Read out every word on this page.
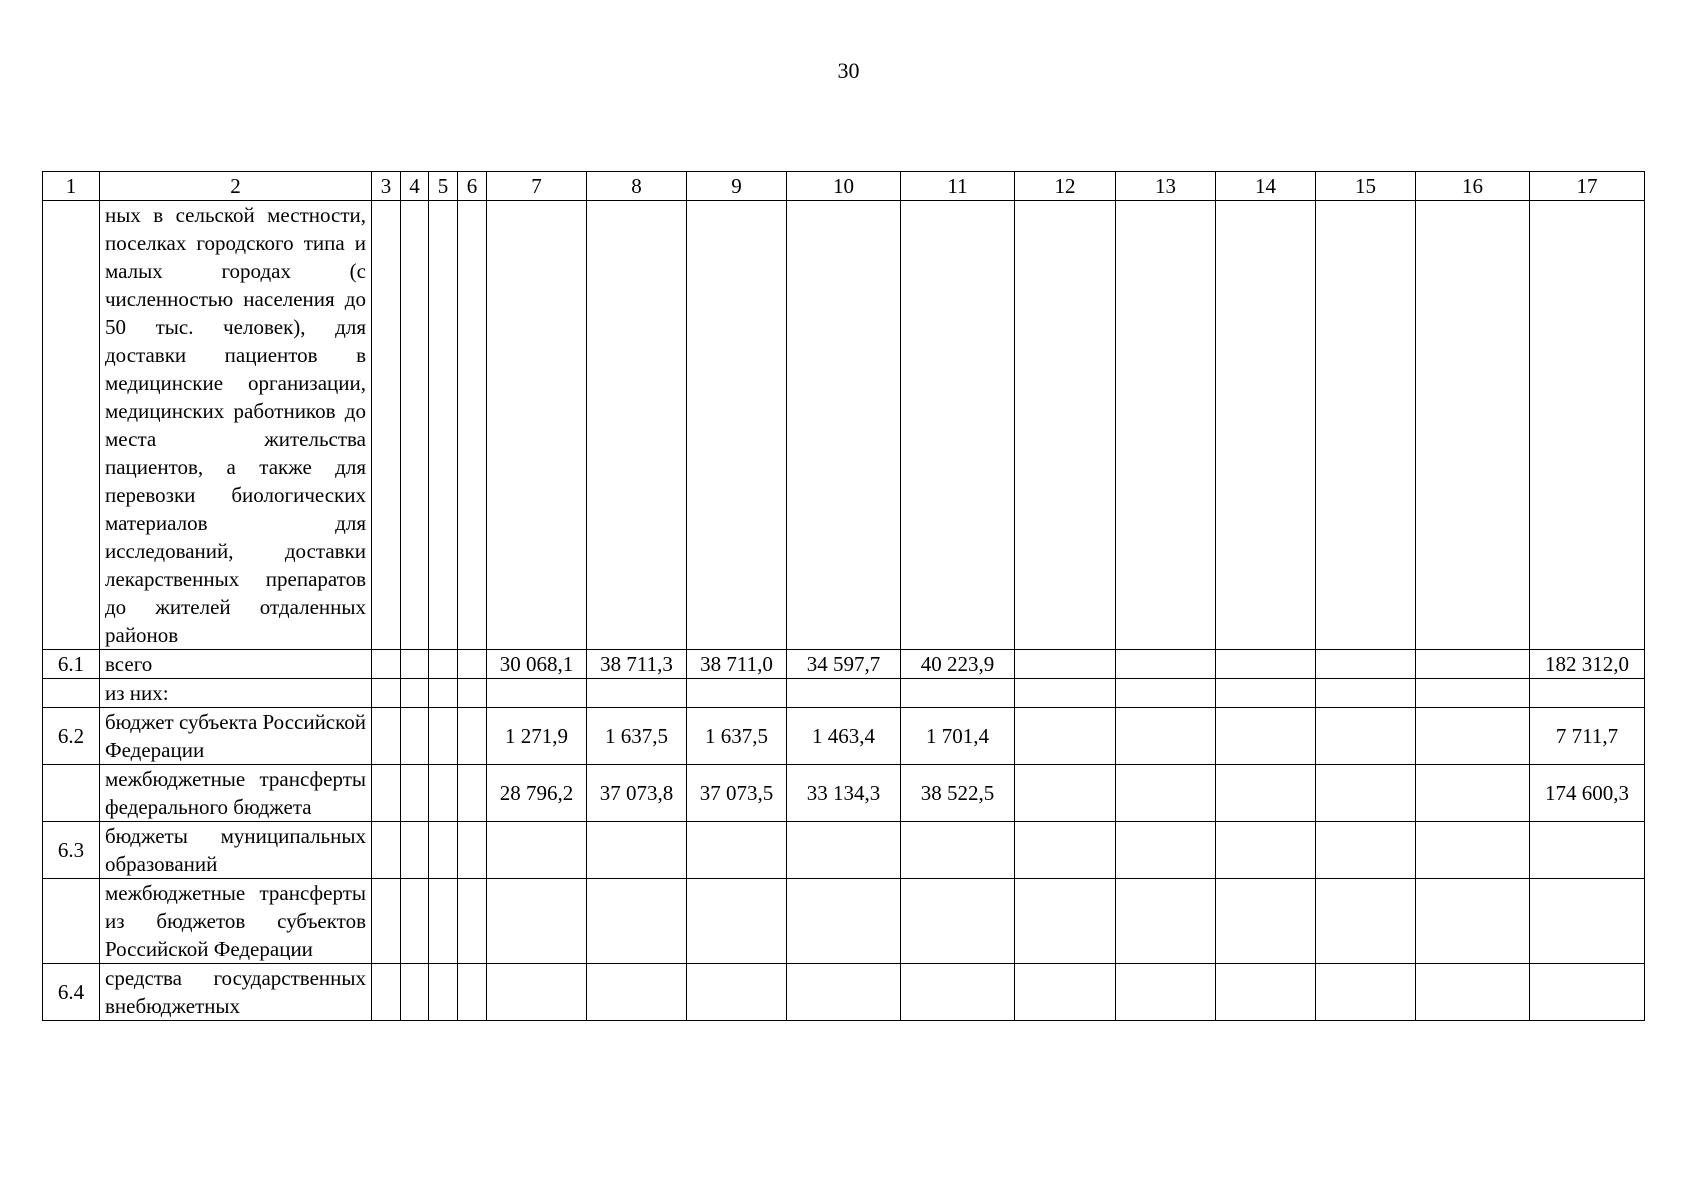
30
1	2	3	4	5	6	7	8	9	10	11	12	13	14	15	16	17
	ных в сельской местности, поселках городского типа и малых городах (с численностью населения до 50 тыс. человек), для доставки пациентов в медицинские организации, медицинских работников до места жительства пациентов, а также для перевозки биологических материалов для исследований, доставки лекарственных препаратов до жителей отдаленных районов															
6.1	всего					30 068,1	38 711,3	38 711,0	34 597,7	40 223,9						182 312,0
	из них:															
6.2	бюджет субъекта Российской Федерации					1 271,9	1 637,5	1 637,5	1 463,4	1 701,4						7 711,7
	межбюджетные трансферты федерального бюджета					28 796,2	37 073,8	37 073,5	33 134,3	38 522,5						174 600,3
6.3	бюджеты муниципальных образований															
	межбюджетные трансферты из бюджетов субъектов Российской Федерации															
6.4	средства государственных внебюджетных															
